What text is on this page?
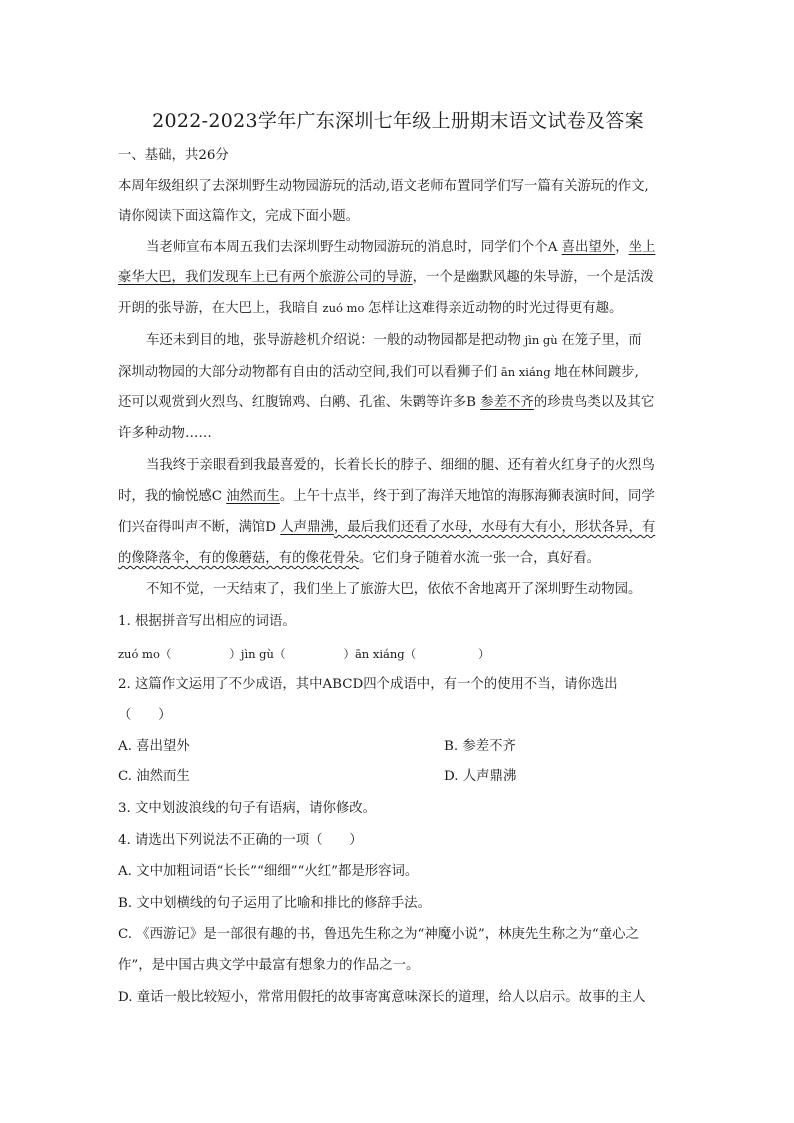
2022-2023学年广东深圳七年级上册期末语文试卷及答案
一、基础，共26分
本周年级组织了去深圳野生动物园游玩的活动,语文老师布置同学们写一篇有关游玩的作文,
请你阅读下面这篇作文，完成下面小题。
当老师宣布本周五我们去深圳野生动物园游玩的消息时，同学们个个A 喜出望外，坐上
豪华大巴，我们发现车上已有两个旅游公司的导游，一个是幽默风趣的朱导游，一个是活泼
开朗的张导游，在大巴上，我暗自 zuó mo 怎样让这难得亲近动物的时光过得更有趣。
车还未到目的地，张导游趁机介绍说：一般的动物园都是把动物 jìn gù 在笼子里，而
深圳动物园的大部分动物都有自由的活动空间,我们可以看狮子们 ān xiáng 地在林间踱步,
还可以观赏到火烈鸟、红腹锦鸡、白鹇、孔雀、朱鹮等许多B 参差不齐的珍贵鸟类以及其它
许多种动物……
当我终于亲眼看到我最喜爱的，长着长长的脖子、细细的腿、还有着火红身子的火烈鸟
时，我的愉悦感C 油然而生。上午十点半，终于到了海洋天地馆的海豚海狮表演时间，同学
们兴奋得叫声不断，满馆D 人声鼎沸，最后我们还看了水母，水母有大有小，形状各异，有
的像降落伞，有的像蘑菇，有的像花骨朵。它们身子随着水流一张一合，真好看。
不知不觉，一天结束了，我们坐上了旅游大巴，依依不舍地离开了深圳野生动物园。
1. 根据拼音写出相应的词语。
zuó mo（	）jìn gù（	）ān xiáng（	）
2. 这篇作文运用了不少成语，其中ABCD四个成语中，有一个的使用不当，请你选出
（　　）
A. 喜出望外	B. 参差不齐
C. 油然而生	D. 人声鼎沸
3. 文中划波浪线的句子有语病，请你修改。
4. 请选出下列说法不正确的一项（　　）
A. 文中加粗词语“长长”“细细”“火红”都是形容词。
B. 文中划横线的句子运用了比喻和排比的修辞手法。
C. 《西游记》是一部很有趣的书，鲁迅先生称之为“神魔小说”，林庚先生称之为“童心之
作”，是中国古典文学中最富有想象力的作品之一。
D. 童话一般比较短小，常常用假托的故事寄寓意味深长的道理，给人以启示。故事的主人
